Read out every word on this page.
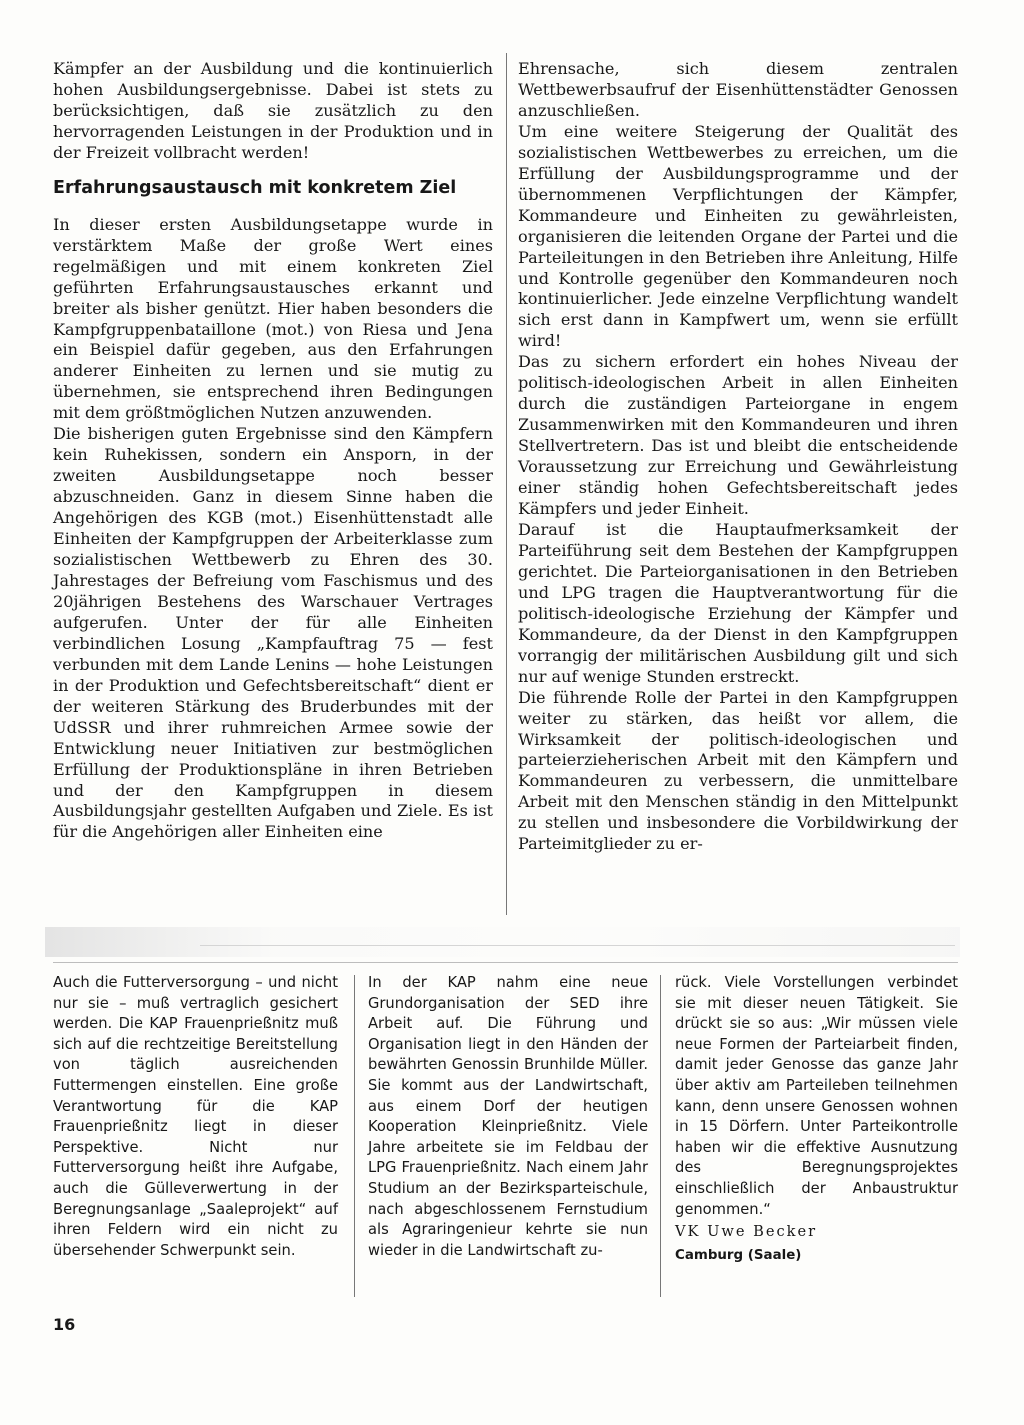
Kämpfer an der Ausbildung und die kontinuierlich hohen Ausbildungsergebnisse. Dabei ist stets zu berücksichtigen, daß sie zusätzlich zu den hervorragenden Leistungen in der Produktion und in der Freizeit vollbracht werden!

Erfahrungsaustausch mit konkretem Ziel

In dieser ersten Ausbildungsetappe wurde in verstärktem Maße der große Wert eines regelmäßigen und mit einem konkreten Ziel geführten Erfahrungsaustausches erkannt und breiter als bisher genützt. Hier haben besonders die Kampfgruppenbataillone (mot.) von Riesa und Jena ein Beispiel dafür gegeben, aus den Erfahrungen anderer Einheiten zu lernen und sie mutig zu übernehmen, sie entsprechend ihren Bedingungen mit dem größtmöglichen Nutzen anzuwenden.

Die bisherigen guten Ergebnisse sind den Kämpfern kein Ruhekissen, sondern ein Ansporn, in der zweiten Ausbildungsetappe noch besser abzuschneiden. Ganz in diesem Sinne haben die Angehörigen des KGB (mot.) Eisenhüttenstadt alle Einheiten der Kampfgruppen der Arbeiterklasse zum sozialistischen Wettbewerb zu Ehren des 30. Jahrestages der Befreiung vom Faschismus und des 20jährigen Bestehens des Warschauer Vertrages aufgerufen. Unter der für alle Einheiten verbindlichen Losung „Kampfauftrag 75 — fest verbunden mit dem Lande Lenins — hohe Leistungen in der Produktion und Gefechtsbereitschaft“ dient er der weiteren Stärkung des Bruderbundes mit der UdSSR und ihrer ruhmreichen Armee sowie der Entwicklung neuer Initiativen zur bestmöglichen Erfüllung der Produktionspläne in ihren Betrieben und der den Kampfgruppen in diesem Ausbildungsjahr gestellten Aufgaben und Ziele. Es ist für die Angehörigen aller Einheiten eine

Ehrensache, sich diesem zentralen Wettbewerbsaufruf der Eisenhüttenstädter Genossen anzuschließen.

Um eine weitere Steigerung der Qualität des sozialistischen Wettbewerbes zu erreichen, um die Erfüllung der Ausbildungsprogramme und der übernommenen Verpflichtungen der Kämpfer, Kommandeure und Einheiten zu gewährleisten, organisieren die leitenden Organe der Partei und die Parteileitungen in den Betrieben ihre Anleitung, Hilfe und Kontrolle gegenüber den Kommandeuren noch kontinuierlicher. Jede einzelne Verpflichtung wandelt sich erst dann in Kampfwert um, wenn sie erfüllt wird!

Das zu sichern erfordert ein hohes Niveau der politisch-ideologischen Arbeit in allen Einheiten durch die zuständigen Parteiorgane in engem Zusammenwirken mit den Kommandeuren und ihren Stellvertretern. Das ist und bleibt die entscheidende Voraussetzung zur Erreichung und Gewährleistung einer ständig hohen Gefechtsbereitschaft jedes Kämpfers und jeder Einheit.

Darauf ist die Hauptaufmerksamkeit der Parteiführung seit dem Bestehen der Kampfgruppen gerichtet. Die Parteiorganisationen in den Betrieben und LPG tragen die Hauptverantwortung für die politisch-ideologische Erziehung der Kämpfer und Kommandeure, da der Dienst in den Kampfgruppen vorrangig der militärischen Ausbildung gilt und sich nur auf wenige Stunden erstreckt.

Die führende Rolle der Partei in den Kampfgruppen weiter zu stärken, das heißt vor allem, die Wirksamkeit der politisch-ideologischen und parteierzieherischen Arbeit mit den Kämpfern und Kommandeuren zu verbessern, die unmittelbare Arbeit mit den Menschen ständig in den Mittelpunkt zu stellen und insbesondere die Vorbildwirkung der Parteimitglieder zu er-

Auch die Futterversorgung – und nicht nur sie – muß vertraglich gesichert werden. Die KAP Frauenprießnitz muß sich auf die rechtzeitige Bereitstellung von täglich ausreichenden Futtermengen einstellen. Eine große Verantwortung für die KAP Frauenprießnitz liegt in dieser Perspektive. Nicht nur Futterversorgung heißt ihre Aufgabe, auch die Gülleverwertung in der Beregnungsanlage „Saaleprojekt“ auf ihren Feldern wird ein nicht zu übersehender Schwerpunkt sein.

In der KAP nahm eine neue Grundorganisation der SED ihre Arbeit auf. Die Führung und Organisation liegt in den Händen der bewährten Genossin Brunhilde Müller. Sie kommt aus der Landwirtschaft, aus einem Dorf der heutigen Kooperation Kleinprießnitz. Viele Jahre arbeitete sie im Feldbau der LPG Frauenprießnitz. Nach einem Jahr Studium an der Bezirksparteischule, nach abgeschlossenem Fernstudium als Agraringenieur kehrte sie nun wieder in die Landwirtschaft zu-

rück. Viele Vorstellungen verbindet sie mit dieser neuen Tätigkeit. Sie drückt sie so aus: „Wir müssen viele neue Formen der Parteiarbeit finden, damit jeder Genosse das ganze Jahr über aktiv am Parteileben teilnehmen kann, denn unsere Genossen wohnen in 15 Dörfern. Unter Parteikontrolle haben wir die effektive Ausnutzung des Beregnungsprojektes einschließlich der Anbaustruktur genommen.“

VK Uwe Becker

Camburg (Saale)

16
